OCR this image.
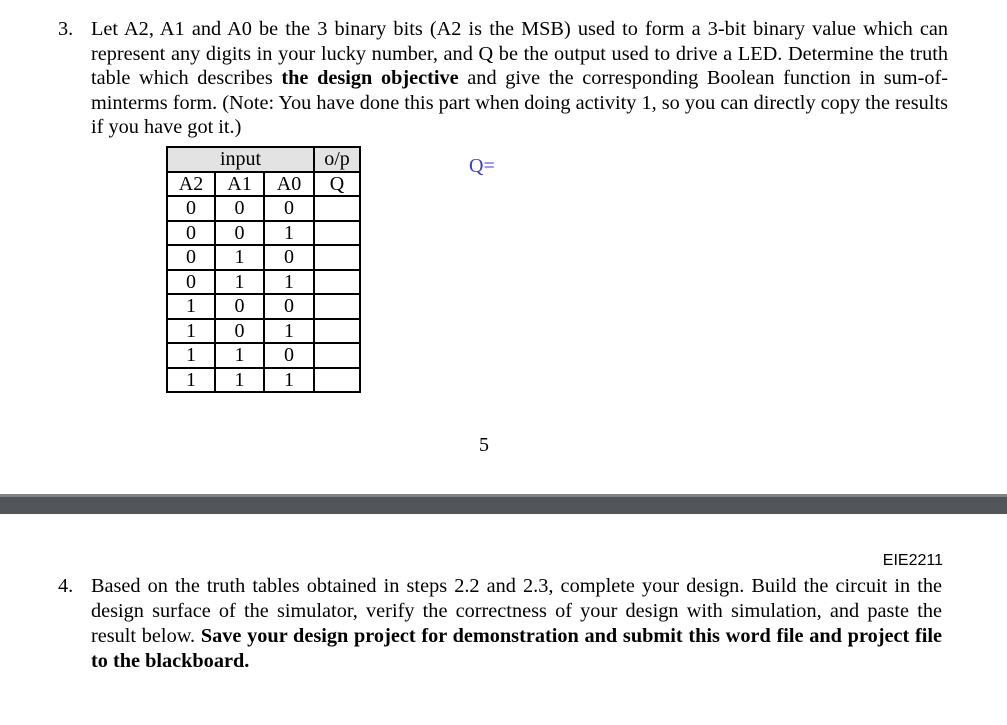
3. Let A2, A1 and A0 be the 3 binary bits (A2 is the MSB) used to form a 3-bit binary value which can represent any digits in your lucky number, and Q be the output used to drive a LED. Determine the truth table which describes the design objective and give the corresponding Boolean function in sum-of-minterms form. (Note: You have done this part when doing activity 1, so you can directly copy the results if you have got it.)
input			o/p
A2	A1	A0	Q
0	0	0	
0	0	1	
0	1	0	
0	1	1	
1	0	0	
1	0	1	
1	1	0	
1	1	1	
Q=
5
EIE2211
4. Based on the truth tables obtained in steps 2.2 and 2.3, complete your design. Build the circuit in the design surface of the simulator, verify the correctness of your design with simulation, and paste the result below. Save your design project for demonstration and submit this word file and project file to the blackboard.
